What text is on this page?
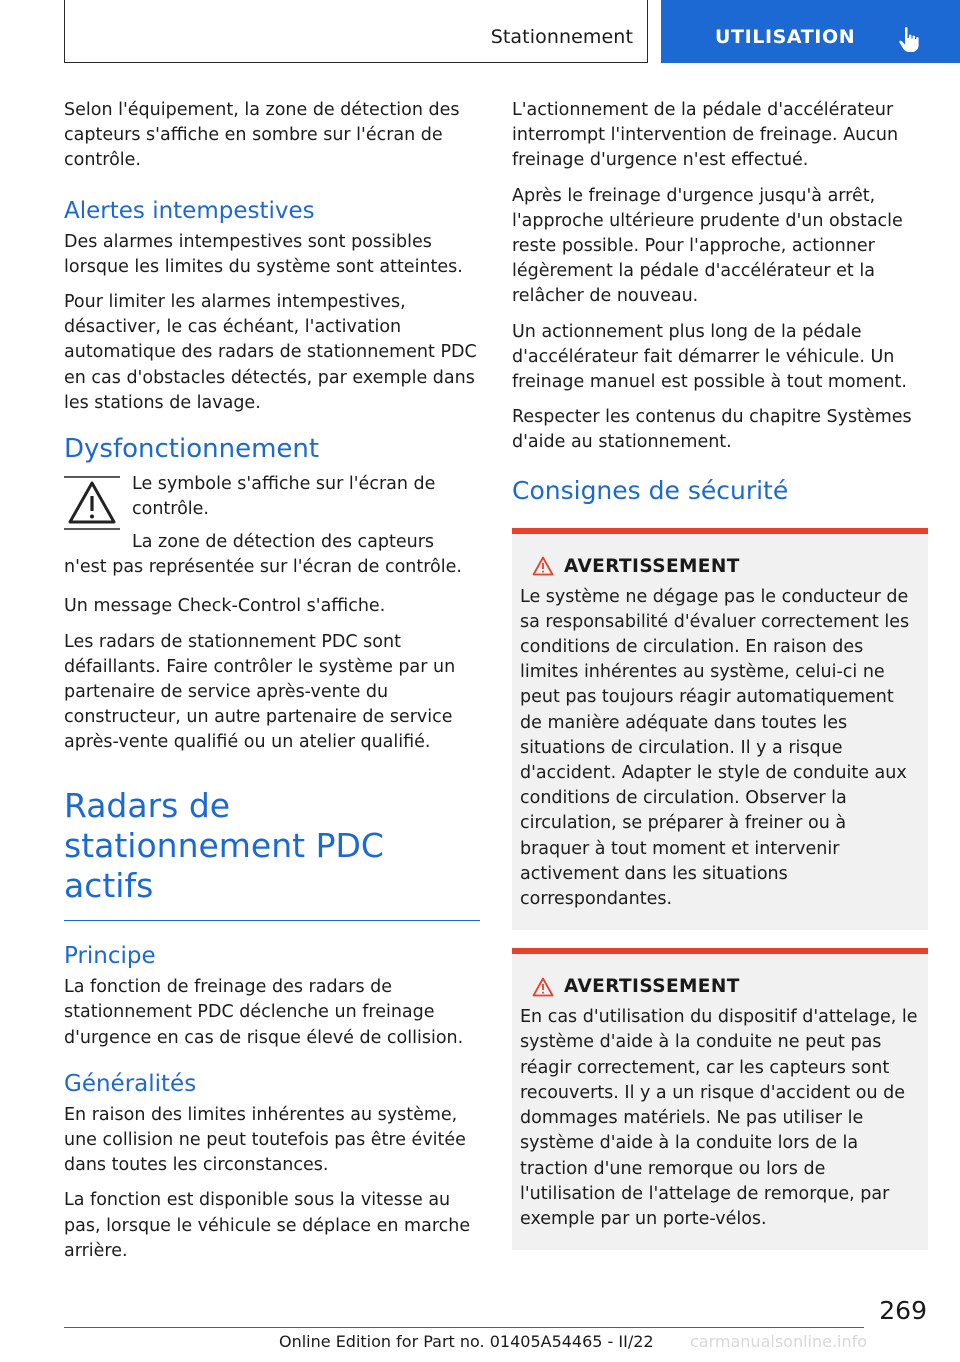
Stationnement	UTILISATION

Selon l'équipement, la zone de détection des capteurs s'affiche en sombre sur l'écran de contrôle.

Alertes intempestives

Des alarmes intempestives sont possibles lorsque les limites du système sont atteintes.

Pour limiter les alarmes intempestives, désactiver, le cas échéant, l'activation automatique des radars de stationnement PDC en cas d'obstacles détectés, par exemple dans les stations de lavage.

Dysfonctionnement

Le symbole s'affiche sur l'écran de contrôle.

La zone de détection des capteurs n'est pas représentée sur l'écran de contrôle.

Un message Check-Control s'affiche.

Les radars de stationnement PDC sont défaillants. Faire contrôler le système par un partenaire de service après-vente du constructeur, un autre partenaire de service après-vente qualifié ou un atelier qualifié.

Radars de stationnement PDC actifs
Principe

La fonction de freinage des radars de stationnement PDC déclenche un freinage d'urgence en cas de risque élevé de collision.

Généralités

En raison des limites inhérentes au système, une collision ne peut toutefois pas être évitée dans toutes les circonstances.

La fonction est disponible sous la vitesse au pas, lorsque le véhicule se déplace en marche arrière.

L'actionnement de la pédale d'accélérateur interrompt l'intervention de freinage. Aucun freinage d'urgence n'est effectué.

Après le freinage d'urgence jusqu'à arrêt, l'approche ultérieure prudente d'un obstacle reste possible. Pour l'approche, actionner légèrement la pédale d'accélérateur et la relâcher de nouveau.

Un actionnement plus long de la pédale d'accélérateur fait démarrer le véhicule. Un freinage manuel est possible à tout moment.

Respecter les contenus du chapitre Systèmes d'aide au stationnement.

Consignes de sécurité
AVERTISSEMENT

Le système ne dégage pas le conducteur de sa responsabilité d'évaluer correctement les conditions de circulation. En raison des limites inhérentes au système, celui-ci ne peut pas toujours réagir automatiquement de manière adéquate dans toutes les situations de circulation. Il y a risque d'accident. Adapter le style de conduite aux conditions de circulation. Observer la circulation, se préparer à freiner ou à braquer à tout moment et intervenir activement dans les situations correspondantes.

AVERTISSEMENT

En cas d'utilisation du dispositif d'attelage, le système d'aide à la conduite ne peut pas réagir correctement, car les capteurs sont recouverts. Il y a un risque d'accident ou de dommages matériels. Ne pas utiliser le système d'aide à la conduite lors de la traction d'une remorque ou lors de l'utilisation de l'attelage de remorque, par exemple par un porte-vélos.

269
Online Edition for Part no. 01405A54465 - II/22 carmanualsonline.info
